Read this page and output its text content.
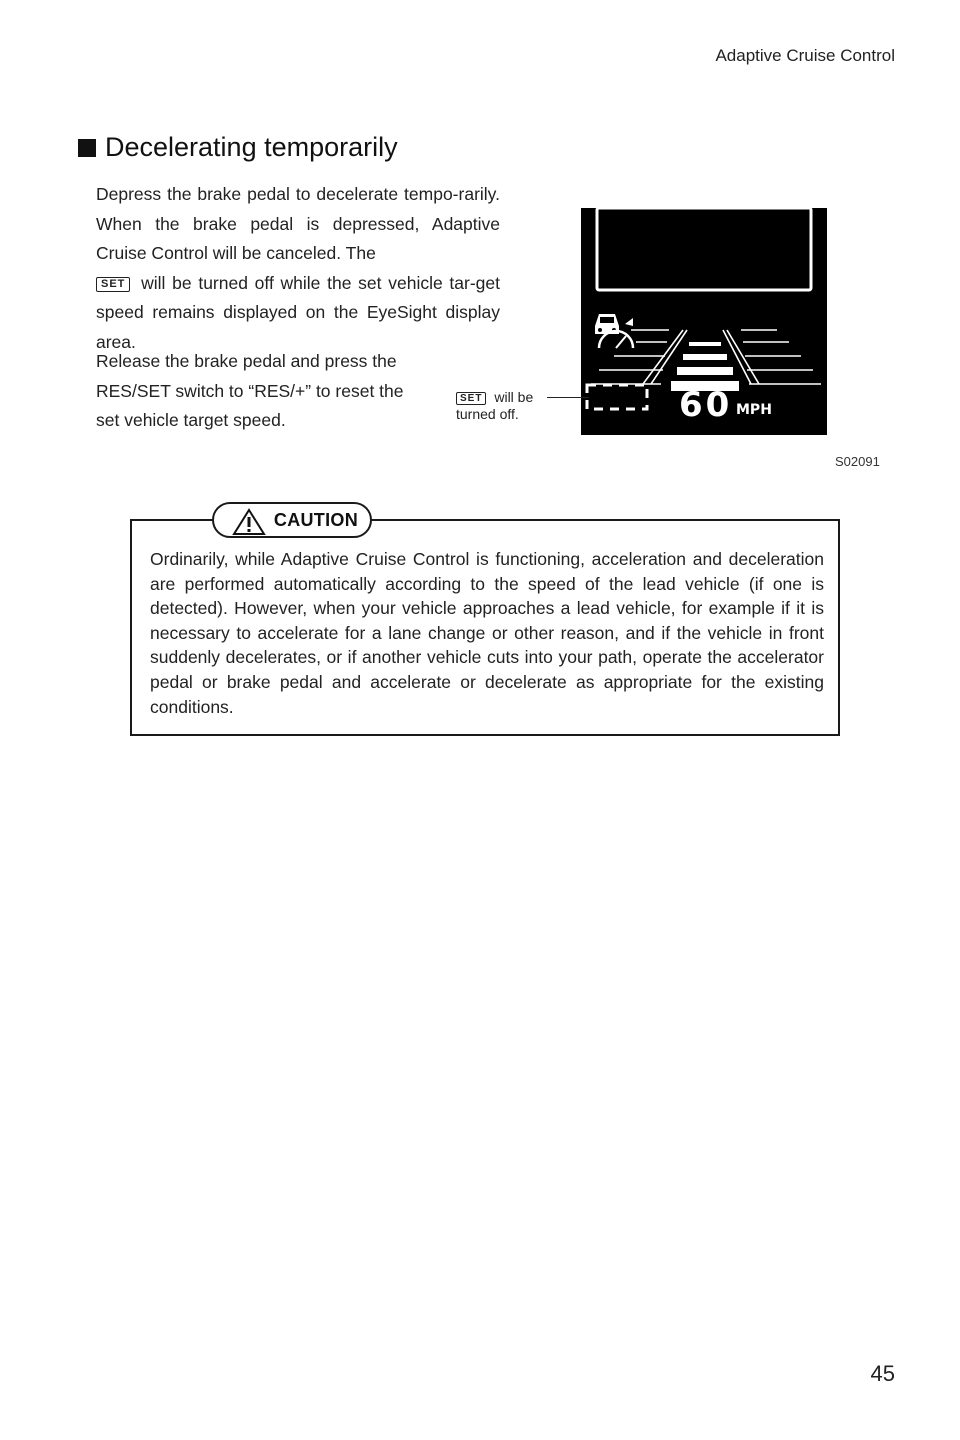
Adaptive Cruise Control
Decelerating temporarily

Depress the brake pedal to decelerate tempo-rarily. When the brake pedal is depressed, Adaptive Cruise Control will be canceled. The
SET will be turned off while the set vehicle tar-get speed remains displayed on the EyeSight display area.

Release the brake pedal and press the RES/SET switch to “RES/+” to reset the set vehicle target speed.	60 MPH
SET will be
turned off.
S02091
CAUTION

Ordinarily, while Adaptive Cruise Control is functioning, acceleration and deceleration are performed automatically according to the speed of the lead vehicle (if one is detected). However, when your vehicle approaches a lead vehicle, for example if it is necessary to accelerate for a lane change or other reason, and if the vehicle in front suddenly decelerates, or if another vehicle cuts into your path, operate the accelerator pedal or brake pedal and accelerate or decelerate as appropriate for the existing conditions.

45
